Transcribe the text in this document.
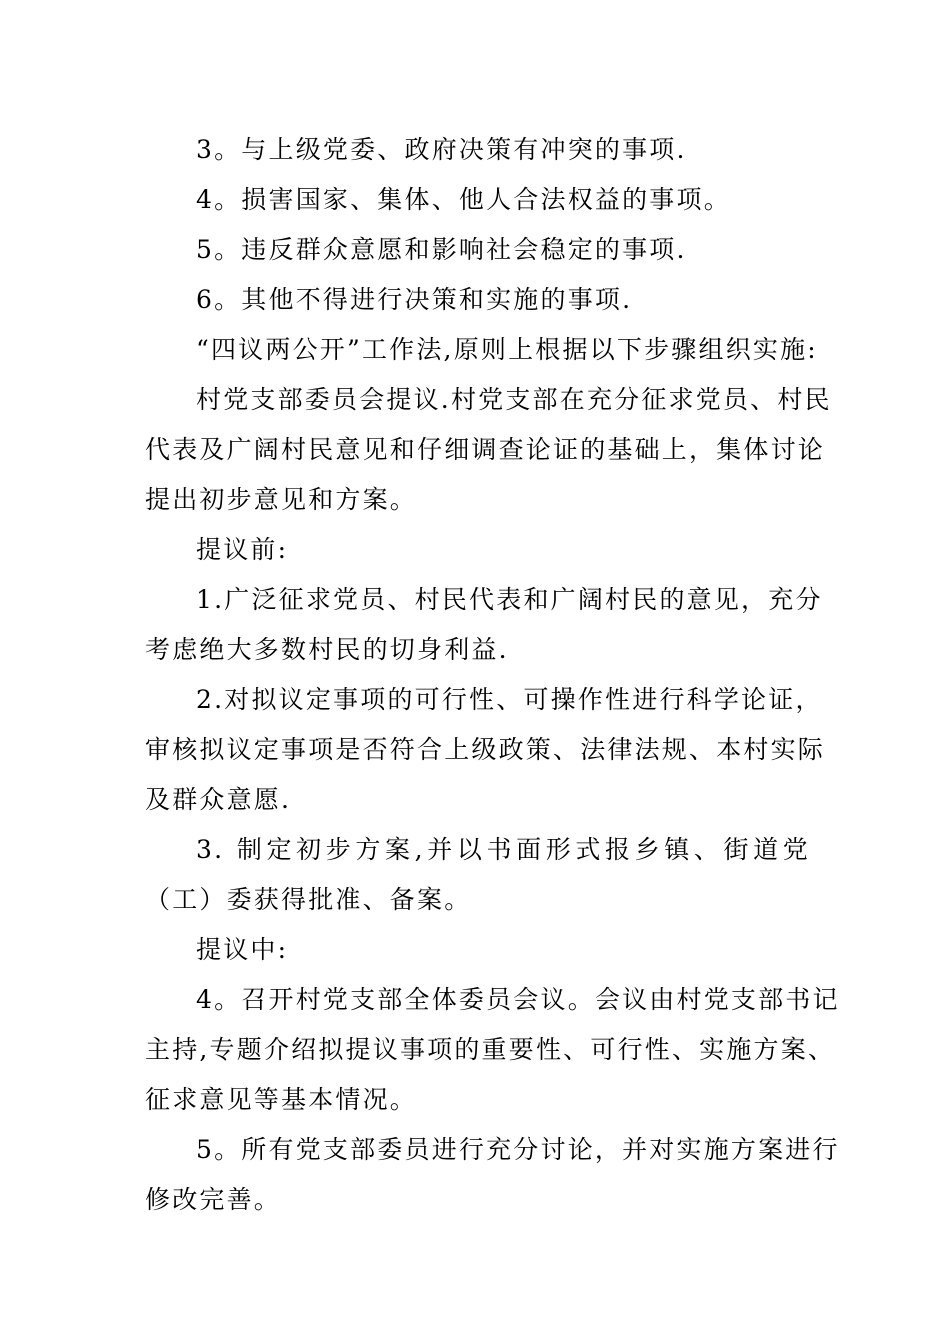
3。与上级党委、政府决策有冲突的事项.
4。损害国家、集体、他人合法权益的事项。
5。违反群众意愿和影响社会稳定的事项.
6。其他不得进行决策和实施的事项.
“四议两公开”工作法,原则上根据以下步骤组织实施:
村党支部委员会提议.村党支部在充分征求党员、村民
代表及广阔村民意见和仔细调查论证的基础上，集体讨论
提出初步意见和方案。
提议前:
1.广泛征求党员、村民代表和广阔村民的意见，充分
考虑绝大多数村民的切身利益.
2.对拟议定事项的可行性、可操作性进行科学论证，
审核拟议定事项是否符合上级政策、法律法规、本村实际
及群众意愿.
3. 制定初步方案,并以书面形式报乡镇、街道党
（工）委获得批准、备案。
提议中:
4。召开村党支部全体委员会议。会议由村党支部书记
主持,专题介绍拟提议事项的重要性、可行性、实施方案、
征求意见等基本情况。
5。所有党支部委员进行充分讨论，并对实施方案进行
修改完善。
